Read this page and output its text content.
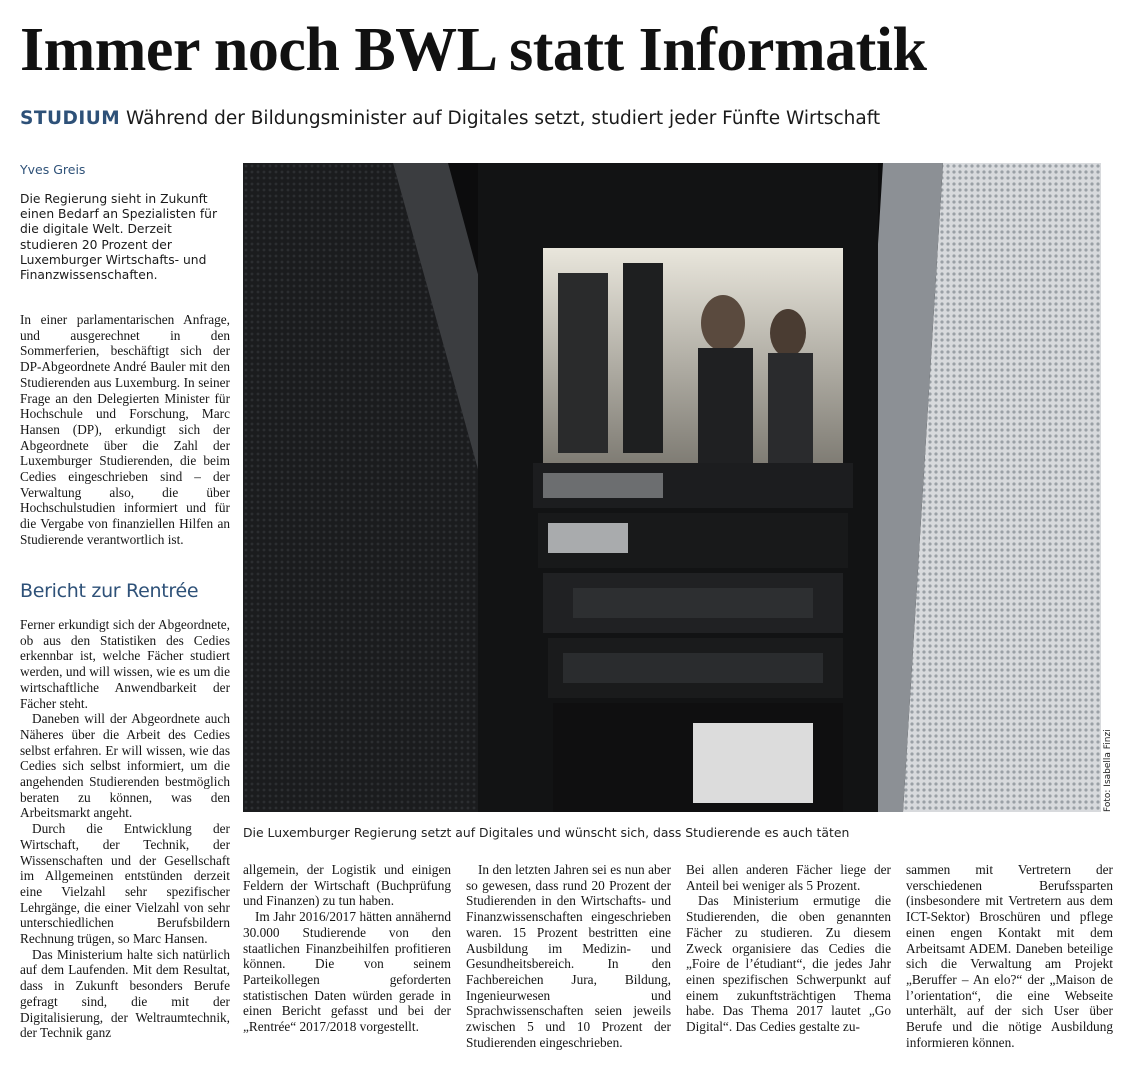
Immer noch BWL statt Informatik
STUDIUM Während der Bildungsminister auf Digitales setzt, studiert jeder Fünfte Wirtschaft
Yves Greis

Die Regierung sieht in Zukunft einen Bedarf an Spezialisten für die digitale Welt. Derzeit studieren 20 Prozent der Luxemburger Wirtschafts- und Finanzwissenschaften.

In einer parlamentarischen Anfrage, und ausgerechnet in den Sommerferien, beschäftigt sich der DP-Abgeordnete André Bauler mit den Studierenden aus Luxemburg. In seiner Frage an den Delegierten Minister für Hochschule und Forschung, Marc Hansen (DP), erkundigt sich der Abgeordnete über die Zahl der Luxemburger Studierenden, die beim Cedies eingeschrieben sind – der Verwaltung also, die über Hochschulstudien informiert und für die Vergabe von finanziellen Hilfen an Studierende verantwortlich ist.

Bericht zur Rentrée

Ferner erkundigt sich der Abgeordnete, ob aus den Statistiken des Cedies erkennbar ist, welche Fächer studiert werden, und will wissen, wie es um die wirtschaftliche Anwendbarkeit der Fächer steht.

Daneben will der Abgeordnete auch Näheres über die Arbeit des Cedies selbst erfahren. Er will wissen, wie das Cedies sich selbst informiert, um die angehenden Studierenden bestmöglich beraten zu können, was den Arbeitsmarkt angeht.

Durch die Entwicklung der Wirtschaft, der Technik, der Wissenschaften und der Gesellschaft im Allgemeinen entstünden derzeit eine Vielzahl sehr spezifischer Lehrgänge, die einer Vielzahl von sehr unterschiedlichen Berufsbildern Rechnung trügen, so Marc Hansen.

Das Ministerium halte sich natürlich auf dem Laufenden. Mit dem Resultat, dass in Zukunft besonders Berufe gefragt sind, die mit der Digitalisierung, der Weltraumtechnik, der Technik ganz

Foto: Isabella Finzi
Die Luxemburger Regierung setzt auf Digitales und wünscht sich, dass Studierende es auch täten

allgemein, der Logistik und einigen Feldern der Wirtschaft (Buchprüfung und Finanzen) zu tun haben.

Im Jahr 2016/2017 hätten annähernd 30.000 Studierende von den staatlichen Finanzbeihilfen profitieren können. Die von seinem Parteikollegen geforderten statistischen Daten würden gerade in einen Bericht gefasst und bei der „Rentrée“ 2017/2018 vorgestellt.

In den letzten Jahren sei es nun aber so gewesen, dass rund 20 Prozent der Studierenden in den Wirtschafts- und Finanzwissenschaften eingeschrieben waren. 15 Prozent bestritten eine Ausbildung im Medizin- und Gesundheitsbereich. In den Fachbereichen Jura, Bildung, Ingenieurwesen und Sprachwissenschaften seien jeweils zwischen 5 und 10 Prozent der Studierenden eingeschrieben.

Bei allen anderen Fächer liege der Anteil bei weniger als 5 Prozent.

Das Ministerium ermutige die Studierenden, die oben genannten Fächer zu studieren. Zu diesem Zweck organisiere das Cedies die „Foire de l’étudiant“, die jedes Jahr einen spezifischen Schwerpunkt auf einem zukunftsträchtigen Thema habe. Das Thema 2017 lautet „Go Digital“. Das Cedies gestalte zu-

sammen mit Vertretern der verschiedenen Berufssparten (insbesondere mit Vertretern aus dem ICT-Sektor) Broschüren und pflege einen engen Kontakt mit dem Arbeitsamt ADEM. Daneben beteilige sich die Verwaltung am Projekt „Beruffer – An elo?“ der „Maison de l’orientation“, die eine Webseite unterhält, auf der sich User über Berufe und die nötige Ausbildung informieren können.
